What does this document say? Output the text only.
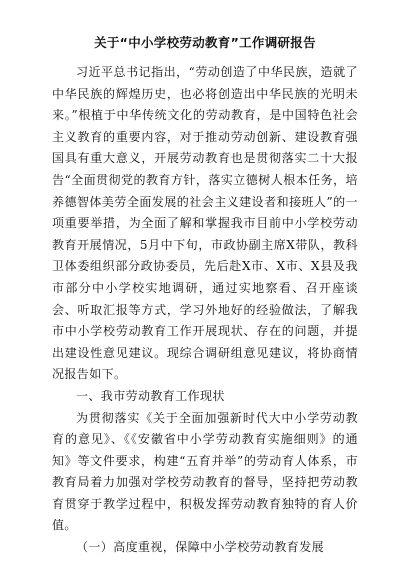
关于“中小学校劳动教育”工作调研报告

习近平总书记指出，“劳动创造了中华民族，造就了中华民族的辉煌历史，也必将创造出中华民族的光明未来。”根植于中华传统文化的劳动教育，是中国特色社会主义教育的重要内容，对于推动劳动创新、建设教育强国具有重大意义，开展劳动教育也是贯彻落实二十大报告“全面贯彻党的教育方针，落实立德树人根本任务，培养德智体美劳全面发展的社会主义建设者和接班人”的一项重要举措，为全面了解和掌握我市目前中小学校劳动教育开展情况，5月中下旬，市政协副主席X带队，教科卫体委组织部分政协委员，先后赴X市、X市、X县及我市部分中小学校实地调研，通过实地察看、召开座谈会、听取汇报等方式，学习外地好的经验做法，了解我市中小学校劳动教育工作开展现状、存在的问题，并提出建设性意见建议。现综合调研组意见建议，将协商情况报告如下。

一、我市劳动教育工作现状

为贯彻落实《关于全面加强新时代大中小学劳动教育的意见》、《《安徽省中小学劳动教育实施细则》的通知》等文件要求，构建“五育并举”的劳动育人体系，市教育局着力加强对学校劳动教育的督导，坚持把劳动教育贯穿于教学过程中，积极发挥劳动教育独特的育人价值。

（一）高度重视，保障中小学校劳动教育发展
